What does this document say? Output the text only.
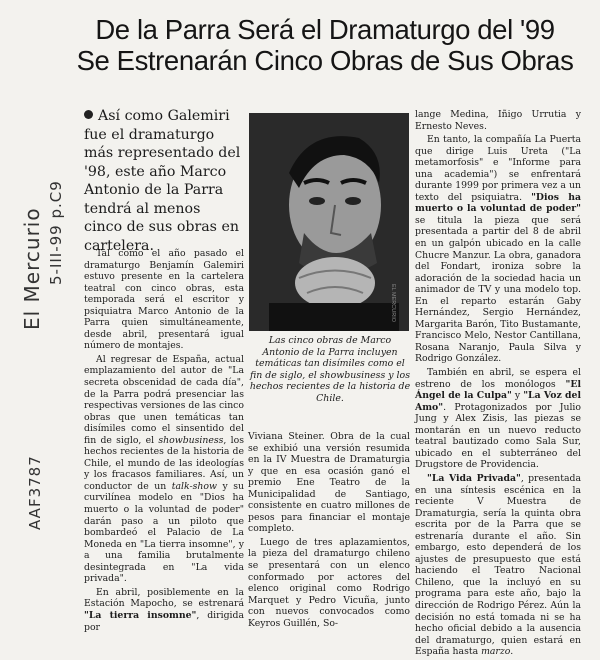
De la Parra Será el Dramaturgo del '99
Se Estrenarán Cinco Obras de Sus Obras
Así como Galemiri fue el dramaturgo más representado del '98, este año Marco Antonio de la Parra tendrá al menos cinco de sus obras en cartelera.
EL MERCURIO
Las cinco obras de Marco Antonio de la Parra incluyen temáticas tan disímiles como el fin de siglo, el showbusiness y los hechos recientes de la historia de Chile.

Tal como el año pasado el dramaturgo Benjamín Galemiri estuvo presente en la cartelera teatral con cinco obras, esta temporada será el escritor y psiquiatra Marco Antonio de la Parra quien simultáneamente, desde abril, presentará igual número de montajes.

Al regresar de España, actual emplazamiento del autor de "La secreta obscenidad de cada día", de la Parra podrá presenciar las respectivas versiones de las cinco obras que unen temáticas tan disímiles como el sinsentido del fin de siglo, el showbusiness, los hechos recientes de la historia de Chile, el mundo de las ideologías y los fracasos familiares. Así, un conductor de un talk-show y su curvilínea modelo en "Dios ha muerto o la voluntad de poder" darán paso a un piloto que bombardeó el Palacio de La Moneda en "La tierra insomne", y a una familia brutalmente desintegrada en "La vida privada".

En abril, posiblemente en la Estación Mapocho, se estrenará "La tierra insomne", dirigida por

Viviana Steiner. Obra de la cual se exhibió una versión resumida en la IV Muestra de Dramaturgia y que en esa ocasión ganó el premio Ene Teatro de la Municipalidad de Santiago, consistente en cuatro millones de pesos para financiar el montaje completo.

Luego de tres aplazamientos, la pieza del dramaturgo chileno se presentará con un elenco conformado por actores del elenco original como Rodrigo Marquet y Pedro Vicuña, junto con nuevos convocados como Keyros Guillén, So-

lange Medina, Iñigo Urrutia y Ernesto Neves.

En tanto, la compañía La Puerta que dirige Luis Ureta ("La metamorfosis" e "Informe para una academia") se enfrentará durante 1999 por primera vez a un texto del psiquiatra. "Dios ha muerto o la voluntad de poder" se titula la pieza que será presentada a partir del 8 de abril en un galpón ubicado en la calle Chucre Manzur. La obra, ganadora del Fondart, ironiza sobre la adoración de la sociedad hacia un animador de TV y una modelo top. En el reparto estarán Gaby Hernández, Sergio Hernández, Margarita Barón, Tito Bustamante, Francisco Melo, Nestor Cantillana, Rosana Naranjo, Paula Silva y Rodrigo González.

También en abril, se espera el estreno de los monólogos "El Ángel de la Culpa" y "La Voz del Amo". Protagonizados por Julio Jung y Alex Zisis, las piezas se montarán en un nuevo reducto teatral bautizado como Sala Sur, ubicado en el subterráneo del Drugstore de Providencia.

"La Vida Privada", presentada en una síntesis escénica en la reciente V Muestra de Dramaturgia, sería la quinta obra escrita por de la Parra que se estrenaría durante el año. Sin embargo, esto dependerá de los ajustes de presupuesto que está haciendo el Teatro Nacional Chileno, que la incluyó en su programa para este año, bajo la dirección de Rodrigo Pérez. Aún la decisión no está tomada ni se ha hecho oficial debido a la ausencia del dramaturgo, quien estará en España hasta marzo.

El Mercurio 5-III-99 p.C9
AAF3787
